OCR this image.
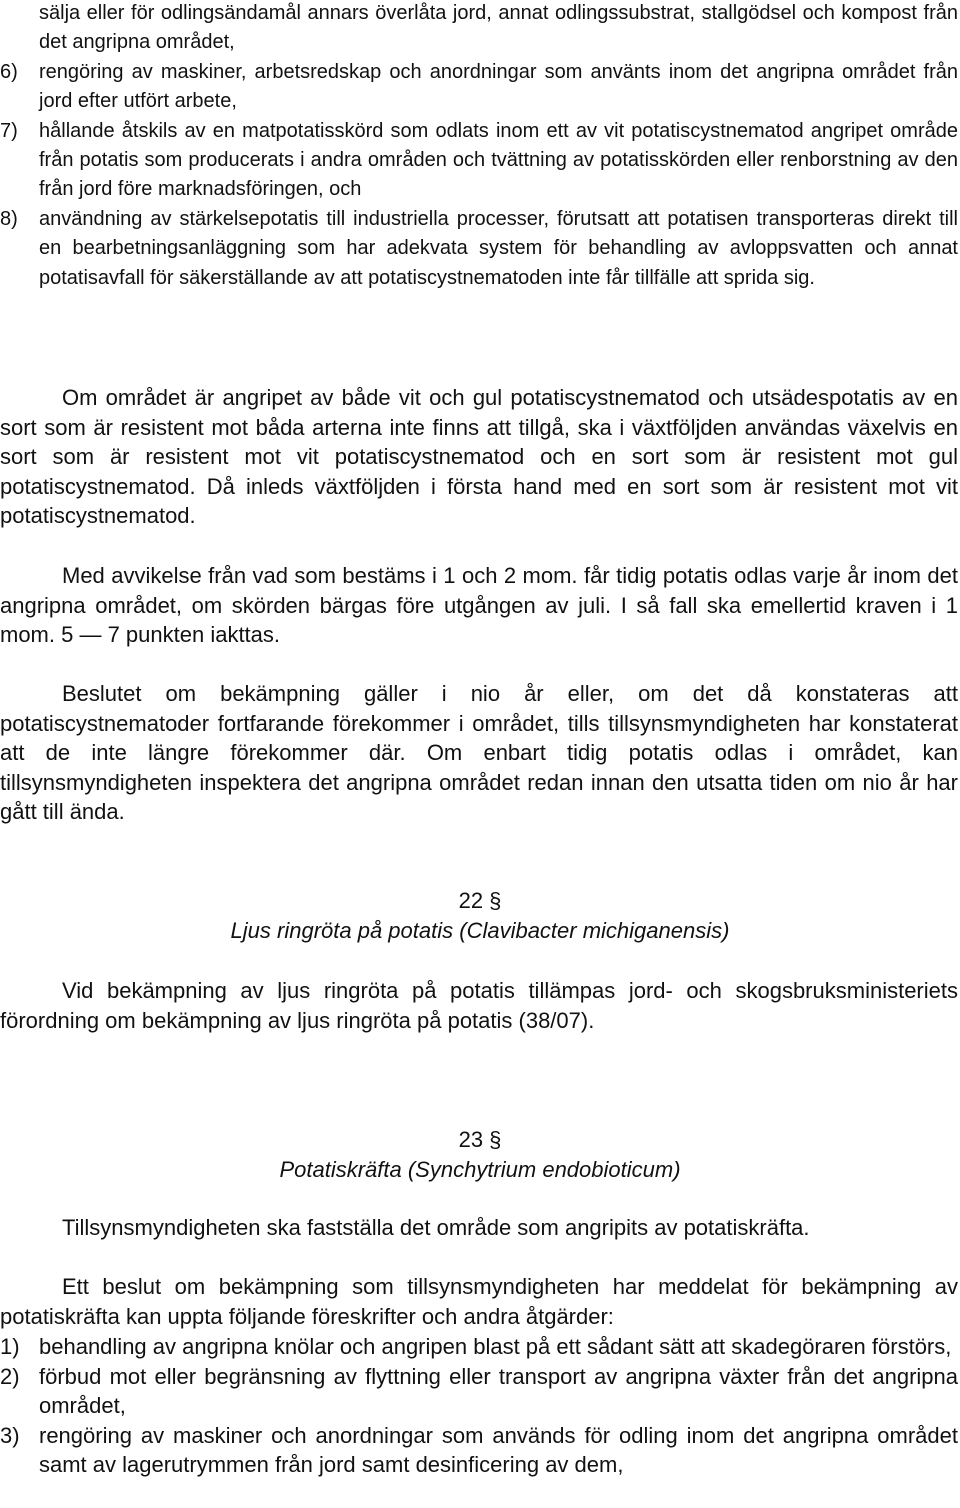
sälja eller för odlingsändamål annars överlåta jord, annat odlingssubstrat, stallgödsel och kompost från det angripna området,
6) rengöring av maskiner, arbetsredskap och anordningar som använts inom det angripna området från jord efter utfört arbete,
7) hållande åtskils av en matpotatisskörd som odlats inom ett av vit potatiscystnematod angripet område från potatis som producerats i andra områden och tvättning av potatisskörden eller renborstning av den från jord före marknadsföringen, och
8) användning av stärkelsepotatis till industriella processer, förutsatt att potatisen transporteras direkt till en bearbetningsanläggning som har adekvata system för behandling av avloppsvatten och annat potatisavfall för säkerställande av att potatiscystnematoden inte får tillfälle att sprida sig.
Om området är angripet av både vit och gul potatiscystnematod och utsädespotatis av en sort som är resistent mot båda arterna inte finns att tillgå, ska i växtföljden användas växelvis en sort som är resistent mot vit potatiscystnematod och en sort som är resistent mot gul potatiscystnematod. Då inleds växtföljden i första hand med en sort som är resistent mot vit potatiscystnematod.
Med avvikelse från vad som bestäms i 1 och 2 mom. får tidig potatis odlas varje år inom det angripna området, om skörden bärgas före utgången av juli. I så fall ska emellertid kraven i 1 mom. 5 — 7 punkten iakttas.
Beslutet om bekämpning gäller i nio år eller, om det då konstateras att potatiscystnematoder fortfarande förekommer i området, tills tillsynsmyndigheten har konstaterat att de inte längre förekommer där. Om enbart tidig potatis odlas i området, kan tillsynsmyndigheten inspektera det angripna området redan innan den utsatta tiden om nio år har gått till ända.
22 §
Ljus ringröta på potatis (Clavibacter michiganensis)
Vid bekämpning av ljus ringröta på potatis tillämpas jord- och skogsbruksministeriets förordning om bekämpning av ljus ringröta på potatis (38/07).
23 §
Potatiskräfta (Synchytrium endobioticum)
Tillsynsmyndigheten ska fastställa det område som angripits av potatiskräfta.
Ett beslut om bekämpning som tillsynsmyndigheten har meddelat för bekämpning av potatiskräfta kan uppta följande föreskrifter och andra åtgärder:
1) behandling av angripna knölar och angripen blast på ett sådant sätt att skadegöraren förstörs,
2) förbud mot eller begränsning av flyttning eller transport av angripna växter från det angripna området,
3) rengöring av maskiner och anordningar som används för odling inom det angripna området samt av lagerutrymmen från jord samt desinficering av dem,
